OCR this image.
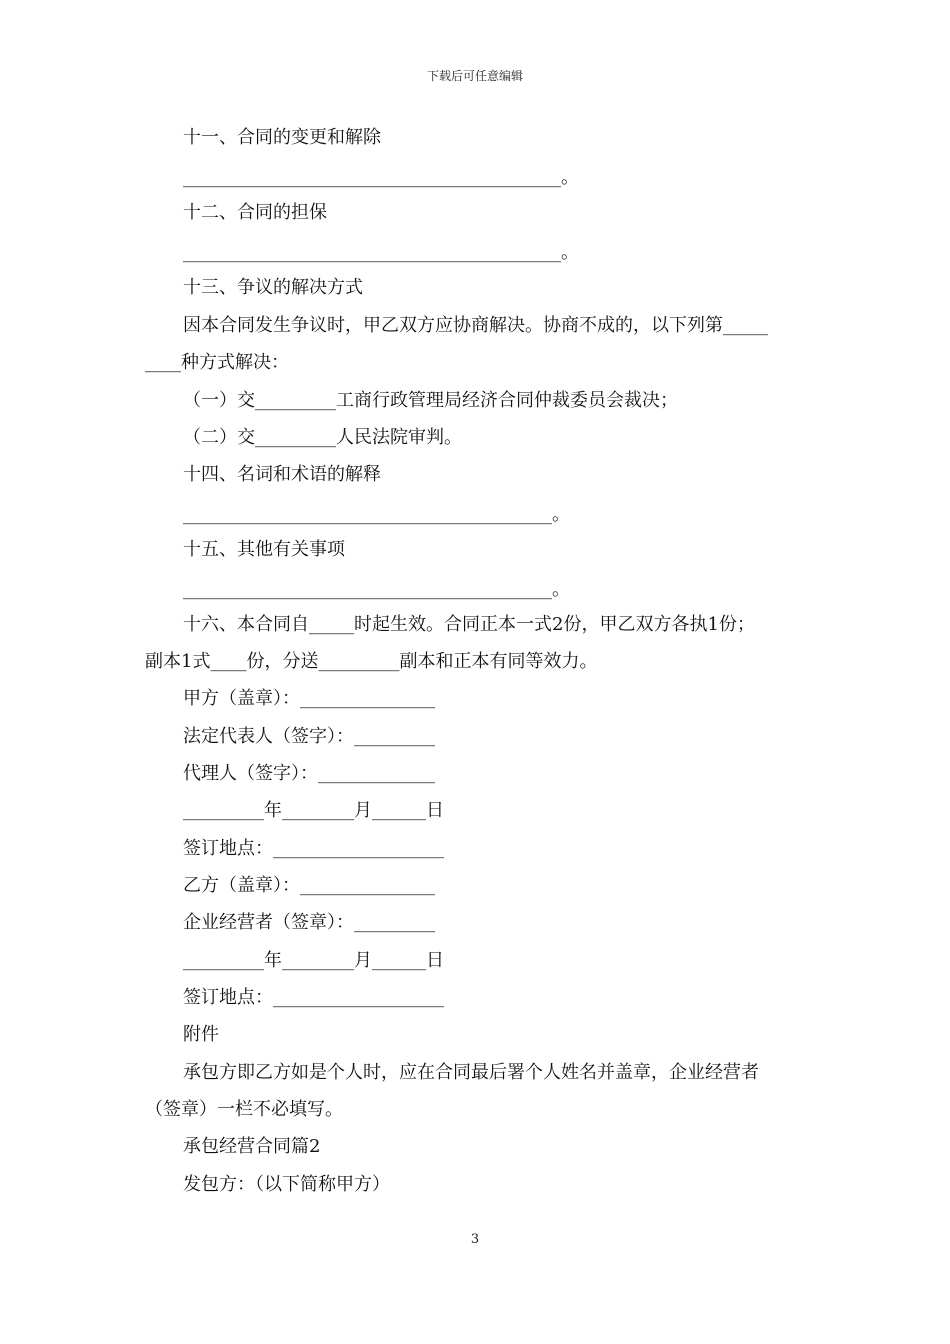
下载后可任意编辑
十一、合同的变更和解除
__________________________________________。
十二、合同的担保
__________________________________________。
十三、争议的解决方式
因本合同发生争议时，甲乙双方应协商解决。协商不成的，以下列第_____
____种方式解决：
（一）交_________工商行政管理局经济合同仲裁委员会裁决；
（二）交_________人民法院审判。
十四、名词和术语的解释
_________________________________________。
十五、其他有关事项
_________________________________________。
十六、本合同自_____时起生效。合同正本一式2份，甲乙双方各执1份；
副本1式____份，分送_________副本和正本有同等效力。
甲方（盖章）：_______________
法定代表人（签字）：_________
代理人（签字）：_____________
_________年________月______日
签订地点：___________________
乙方（盖章）：_______________
企业经营者（签章）：_________
_________年________月______日
签订地点：___________________
附件
承包方即乙方如是个人时，应在合同最后署个人姓名并盖章，企业经营者
（签章）一栏不必填写。
承包经营合同篇2
发包方：（以下简称甲方）
3
